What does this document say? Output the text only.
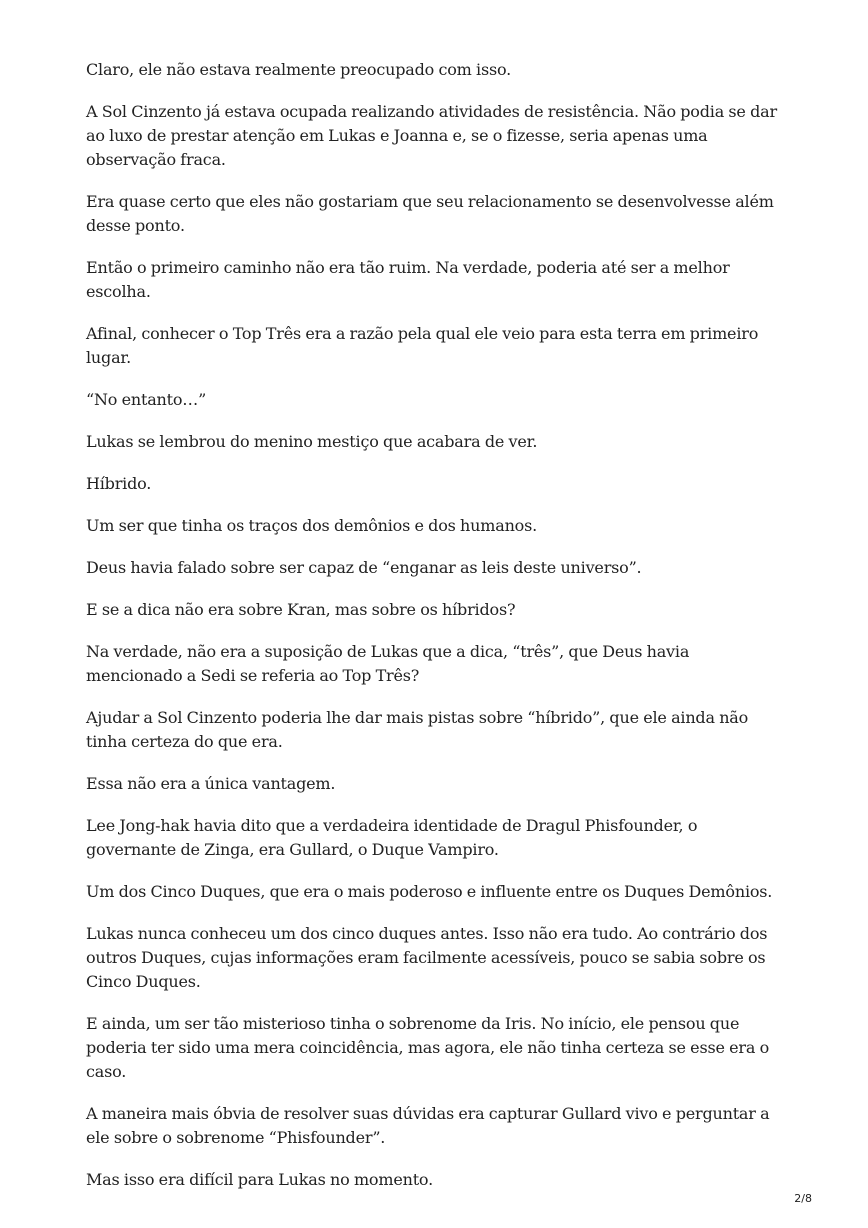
Claro, ele não estava realmente preocupado com isso.

A Sol Cinzento já estava ocupada realizando atividades de resistência. Não podia se dar ao luxo de prestar atenção em Lukas e Joanna e, se o fizesse, seria apenas uma observação fraca.

Era quase certo que eles não gostariam que seu relacionamento se desenvolvesse além desse ponto.

Então o primeiro caminho não era tão ruim. Na verdade, poderia até ser a melhor escolha.

Afinal, conhecer o Top Três era a razão pela qual ele veio para esta terra em primeiro lugar.

“No entanto…”

Lukas se lembrou do menino mestiço que acabara de ver.

Híbrido.

Um ser que tinha os traços dos demônios e dos humanos.

Deus havia falado sobre ser capaz de “enganar as leis deste universo”.

E se a dica não era sobre Kran, mas sobre os híbridos?

Na verdade, não era a suposição de Lukas que a dica, “três”, que Deus havia mencionado a Sedi se referia ao Top Três?

Ajudar a Sol Cinzento poderia lhe dar mais pistas sobre “híbrido”, que ele ainda não tinha certeza do que era.

Essa não era a única vantagem.

Lee Jong-hak havia dito que a verdadeira identidade de Dragul Phisfounder, o governante de Zinga, era Gullard, o Duque Vampiro.

Um dos Cinco Duques, que era o mais poderoso e influente entre os Duques Demônios.

Lukas nunca conheceu um dos cinco duques antes. Isso não era tudo. Ao contrário dos outros Duques, cujas informações eram facilmente acessíveis, pouco se sabia sobre os Cinco Duques.

E ainda, um ser tão misterioso tinha o sobrenome da Iris. No início, ele pensou que poderia ter sido uma mera coincidência, mas agora, ele não tinha certeza se esse era o caso.

A maneira mais óbvia de resolver suas dúvidas era capturar Gullard vivo e perguntar a ele sobre o sobrenome “Phisfounder”.

Mas isso era difícil para Lukas no momento.

2/8
